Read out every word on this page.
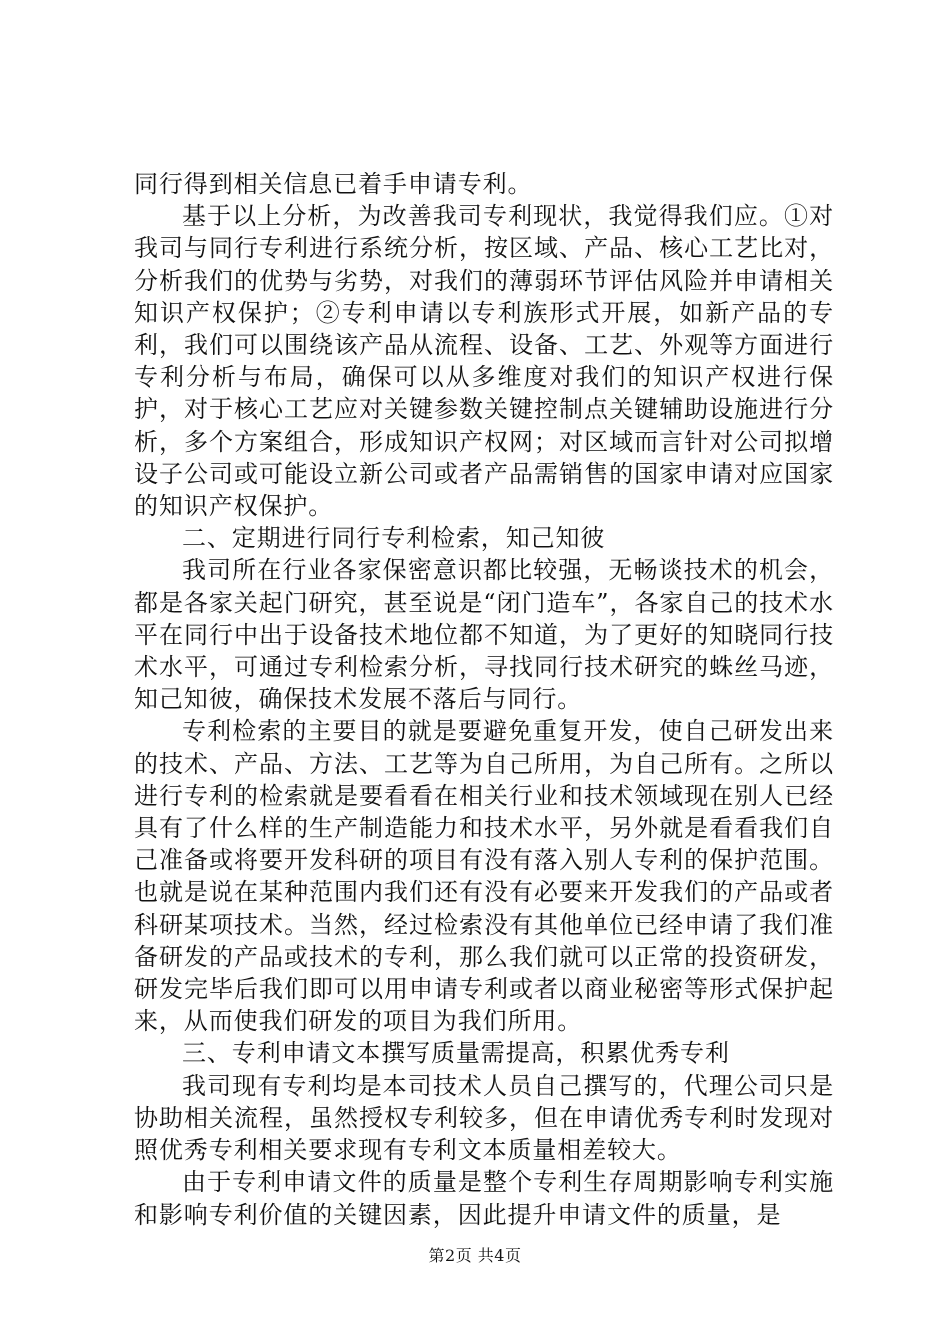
同行得到相关信息已着手申请专利。

基于以上分析，为改善我司专利现状，我觉得我们应。①对我司与同行专利进行系统分析，按区域、产品、核心工艺比对，分析我们的优势与劣势，对我们的薄弱环节评估风险并申请相关知识产权保护；②专利申请以专利族形式开展，如新产品的专利，我们可以围绕该产品从流程、设备、工艺、外观等方面进行专利分析与布局，确保可以从多维度对我们的知识产权进行保护，对于核心工艺应对关键参数关键控制点关键辅助设施进行分析，多个方案组合，形成知识产权网；对区域而言针对公司拟增设子公司或可能设立新公司或者产品需销售的国家申请对应国家的知识产权保护。

二、定期进行同行专利检索，知己知彼

我司所在行业各家保密意识都比较强，无畅谈技术的机会，都是各家关起门研究，甚至说是“闭门造车”，各家自己的技术水平在同行中出于设备技术地位都不知道，为了更好的知晓同行技术水平，可通过专利检索分析，寻找同行技术研究的蛛丝马迹，知己知彼，确保技术发展不落后与同行。

专利检索的主要目的就是要避免重复开发，使自己研发出来的技术、产品、方法、工艺等为自己所用，为自己所有。之所以进行专利的检索就是要看看在相关行业和技术领域现在别人已经具有了什么样的生产制造能力和技术水平，另外就是看看我们自己准备或将要开发科研的项目有没有落入别人专利的保护范围。也就是说在某种范围内我们还有没有必要来开发我们的产品或者科研某项技术。当然，经过检索没有其他单位已经申请了我们准备研发的产品或技术的专利，那么我们就可以正常的投资研发，研发完毕后我们即可以用申请专利或者以商业秘密等形式保护起来，从而使我们研发的项目为我们所用。

三、专利申请文本撰写质量需提高，积累优秀专利

我司现有专利均是本司技术人员自己撰写的，代理公司只是协助相关流程，虽然授权专利较多，但在申请优秀专利时发现对照优秀专利相关要求现有专利文本质量相差较大。

由于专利申请文件的质量是整个专利生存周期影响专利实施和影响专利价值的关键因素，因此提升申请文件的质量，是

第2页 共4页
